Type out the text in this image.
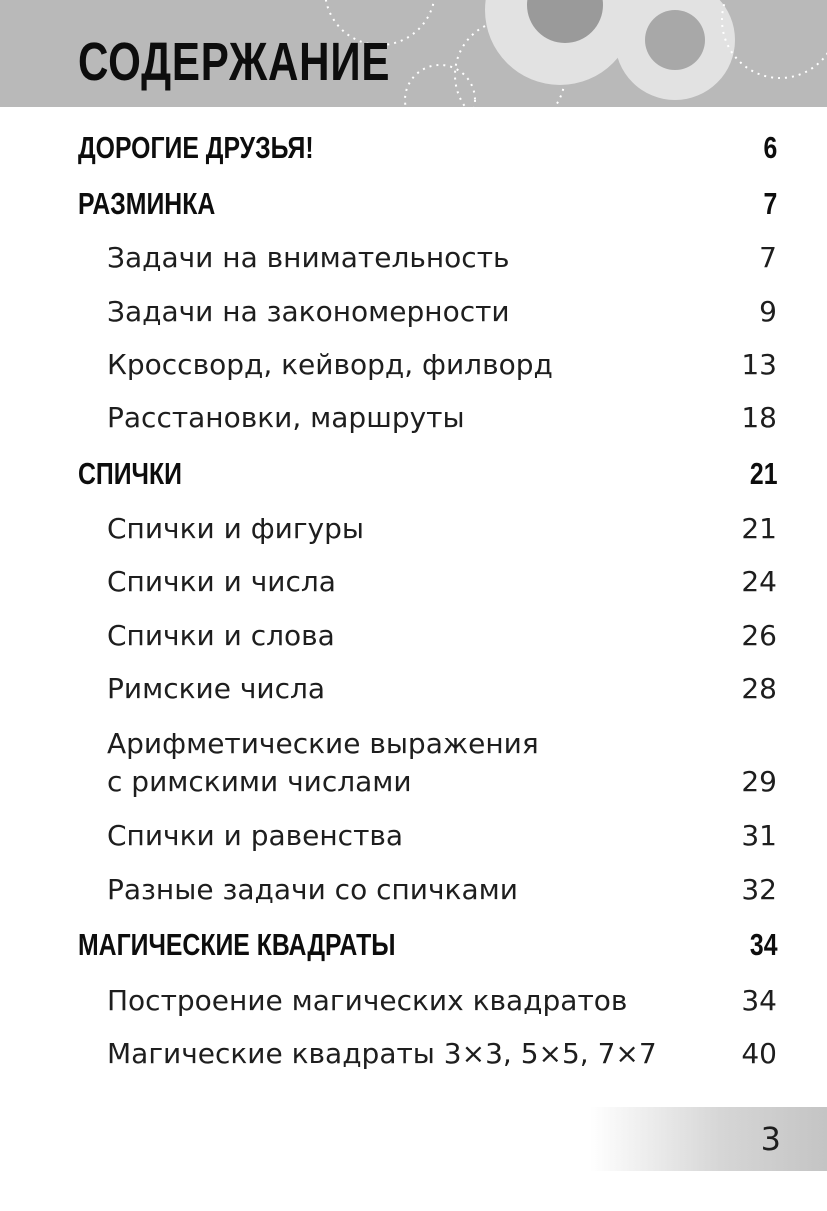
СОДЕРЖАНИЕ
ДОРОГИЕ ДРУЗЬЯ!	6
РАЗМИНКА	7
Задачи на внимательность	7
Задачи на закономерности	9
Кроссворд, кейворд, филворд	13
Расстановки, маршруты	18
СПИЧКИ	21
Спички и фигуры	21
Спички и числа	24
Спички и слова	26
Римские числа	28
Арифметические выражения
с римскими числами	29
Спички и равенства	31
Разные задачи со спичками	32
МАГИЧЕСКИЕ КВАДРАТЫ	34
Построение магических квадратов	34
Магические квадраты 3×3, 5×5, 7×7	40
3
